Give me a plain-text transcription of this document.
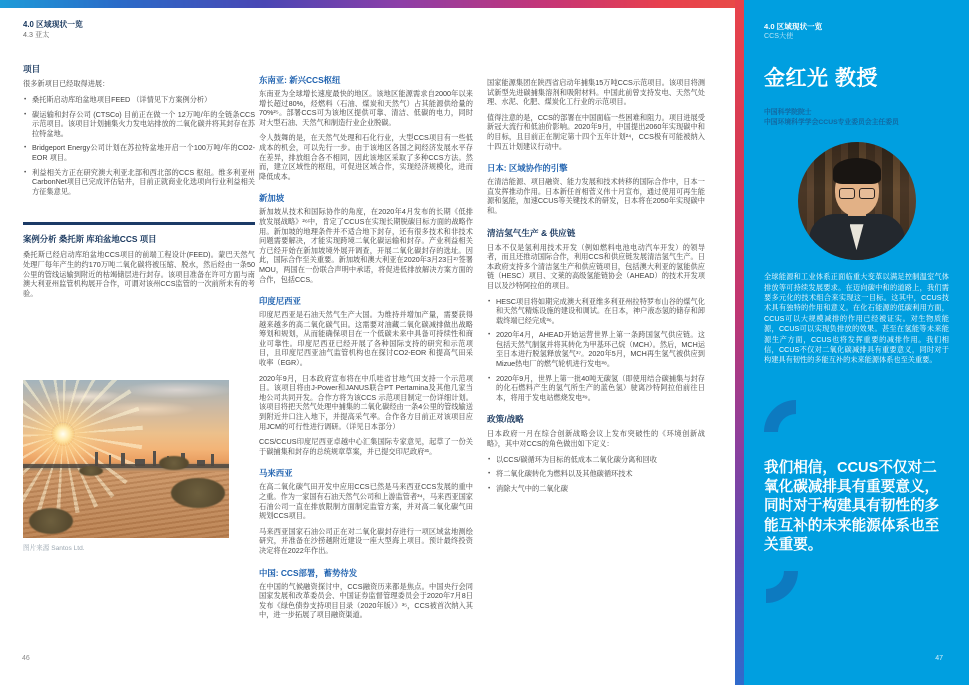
4.0 区域现状一览
4.3 亚太
项目

很多新项目已经取得进展：

• 桑托斯启动库珀盆地项目FEED （详情见下方案例分析）
• 碳运输和封存公司 (CTSCo) 目前正在做一个 12万吨/年的全链条CCS示范项目。该项目计划捕集火力发电站排放的二氧化碳并将其封存在苏拉特盆地。
• Bridgeport Energy公司计划在苏拉特盆地开启一个100万吨/年的CO2-EOR 项目。
• 利益相关方正在研究澳大利亚北部和西北部的CCS 枢纽。维多利亚州CarbonNet项目已完成评估钻井，目前正就商业化选项向行业利益相关方征集意见。
案例分析 桑托斯 库珀盆地CCS 项目
桑托斯已经启动库珀盆地CCS项目的前端工程设计(FEED)。蒙巴天然气处理厂每年产生的约170万吨二氧化碳将被压缩、脱水，然后经由一条50公里的管线运输到附近的枯竭储层进行封存。该项目准备在许可方面与南澳大利亚州监管机构展开合作，可谓对该州CCS监管的一次前所未有的考验。
图片来源 Santos Ltd.
东南亚: 新兴CCS枢纽

东南亚为全球增长速度最快的地区。该地区能源需求自2000年以来增长超过80%，烃燃料（石油、煤炭和天然气）占其能源供给量的70%²⁵。部署CCS可为该地区提供可靠、清洁、低碳的电力，同时对大型石油、天然气和制造行业企业脱碳。

令人鼓舞的是，在天然气处理和石化行业，大型CCS项目有一些低成本的机会，可以先行一步。由于该地区各国之间经济发展水平存在差异，排放组合各不相同，因此该地区采取了多种CCS方法。然而，建立区域性的枢纽，可促进区域合作，实现经济规模化，进而降低成本。

新加坡

新加坡从技术和国际协作的角度，在2020年4月发布的长期《低排放发展战略》²⁶中，肯定了CCUS在实现长期脱碳目标方面的战略作用。新加坡的地理条件并不适合地下封存，还有很多技术和非技术问题需要解决，才能实现跨境二氧化碳运输和封存。产业利益相关方已经开始在新加坡境外展开调查，开展二氧化碳封存的选址。因此，国际合作至关重要。新加坡和澳大利亚在2020年3月23日²⁷签署MOU，两国在一份联合声明中承诺，将促进低排放解决方案方面的合作，包括CCS。

印度尼西亚

印度尼西亚是石油天然气生产大国。为维持并增加产量，需要获得越来越多的高二氧化碳气田。这需要对油藏二氧化碳减排做出战略筹划和规划，从而能确保项目在一个低碳未来中具备可持续性和商业可靠性。印度尼西亚已经开展了各种国际支持的研究和示范项目，且印度尼西亚油气监管机构也在探讨CO2-EOR 和提高气田采收率（EGR）。

2020年9月，日本政府宣布将在中爪哇省甘地气田支持一个示范项目。该项目将由J-Power和JANUS联合PT Pertamina及其他几家当地公司共同开发。合作方将为该CCS 示范项目制定一份详细计划。该项目将把天然气处理中捕集的二氧化碳经由一条4公里的管线输送到附近井口注入地下，并提高采气率。合作各方目前正对该项目应用JCM的可行性进行调研。（详见日本部分）

CCS/CCUS印度尼西亚卓越中心汇集国际专家意见，起草了一份关于碳捕集和封存的总统规章草案，并已提交印尼政府³¹。

马来西亚

在高二氧化碳气田开发中应用CCS已然是马来西亚CCS发展的重中之重。作为一家国有石油天然气公司和上游监管者³⁴，马来西亚国家石油公司一直在排放限制方面制定监管方案，并对高二氧化碳气田规划CCS项目。

马来西亚国家石油公司正在对二氧化碳封存进行一项区域盆地测绘研究，并准备在沙捞越附近建设一座大型海上项目。预计最终投资决定将在2022年作出。

中国: CCS部署，蓄势待发

在中国的气候融资探讨中，CCS融资历来都是焦点。中国央行会同国家发展和改革委员会、中国证券监督管理委员会于2020年7月8日发布《绿色债券支持项目目录（2020年版）》³⁵，CCS被首次纳入其中，进一步拓展了项目融资渠道。

46

国家能源集团在陕西省启动年捕集15万吨CCS示范项目。该项目将测试新型先进碳捕集溶剂和吸附材料。中国此前曾支持发电、天然气处理、水泥、化肥、煤炭化工行业的示范项目。

值得注意的是，CCS的部署在中国面临一些困难和阻力。项目进展受新冠大流行和低油价影响。2020年9月，中国提出2060年实现碳中和的目标，且目前正在制定第十四个五年计划²⁴，CCS极有可能被纳入十四五计划建议行动中。

日本: 区域协作的引擎

在清洁能源、项目融资、能力发展和技术转移的国际合作中，日本一直发挥推动作用。日本新任首相菅义伟十月宣布，通过使用可再生能源和氢能，加速CCUS等关键技术的研发，日本将在2050年实现碳中和。

清洁氢气生产 & 供应链

日本不仅是氢利用技术开发（例如燃料电池电动汽车开发）的领导者，而且还推动国际合作，利用CCS和供应链发展清洁氢气生产。日本政府支持多个清洁氢生产和供应链项目，包括澳大利亚的氢能供应链（HESC）项目、文莱的高级氢能链协会（AHEAD）的技术开发项目以及沙特阿拉伯的项目。

• HESC项目将如期完成澳大利亚维多利亚州拉特罗布山谷的煤气化和天然气精炼设施的建设和调试。在日本，神户液态氢的储存和卸载终端已经完成³⁶。
• 2020年4月，AHEAD开始运营世界上第一条跨国氢气供应链。这包括天然气制氢并将其转化为甲基环己烷（MCH）。然后，MCH运至日本进行脱氢释放氢气³⁷。2020年5月，MCH再生氢气被供应到Mizue热电厂的燃气轮机进行发电³⁸。
• 2020年9月，世界上第一批40吨无碳氢（即使用结合碳捕集与封存的化石燃料产生的氢气所生产的蓝色氢）驶离沙特阿拉伯前往日本，将用于发电站燃烧发电³⁹。
政策/战略

日本政府一月在综合创新战略会议上发布突破性的《环境创新战略》，其中对CCS的角色做出如下定义：

• 以CCS/碳循环为目标的低成本二氧化碳分离和回收
• 将二氧化碳转化为燃料以及其他碳循环技术
• 消除大气中的二氧化碳
4.0 区域现状一览
CCS大使
金红光 教授
中国科学院院士
中国环境科学学会CCUS专业委员会主任委员
全球能源和工业体系正面临重大变革以满足控制温室气体排放等可持续发展要求。在迈向碳中和的道路上，我们需要多元化的技术组合来实现这一目标。这其中，CCUS技术具有独特的作用和意义。在化石能源的低碳利用方面，CCUS可以大规模减排的作用已经被证实。对生物质能源，CCUS可以实现负排放的效果。甚至在氢能等未来能源生产方面，CCUS也将发挥重要的减排作用。我们相信，CCUS不仅对二氧化碳减排具有重要意义，同时对于构建具有韧性的多能互补的未来能源体系也至关重要。
我们相信，CCUS不仅对二氧化碳减排具有重要意义，同时对于构建具有韧性的多能互补的未来能源体系也至关重要。
47
